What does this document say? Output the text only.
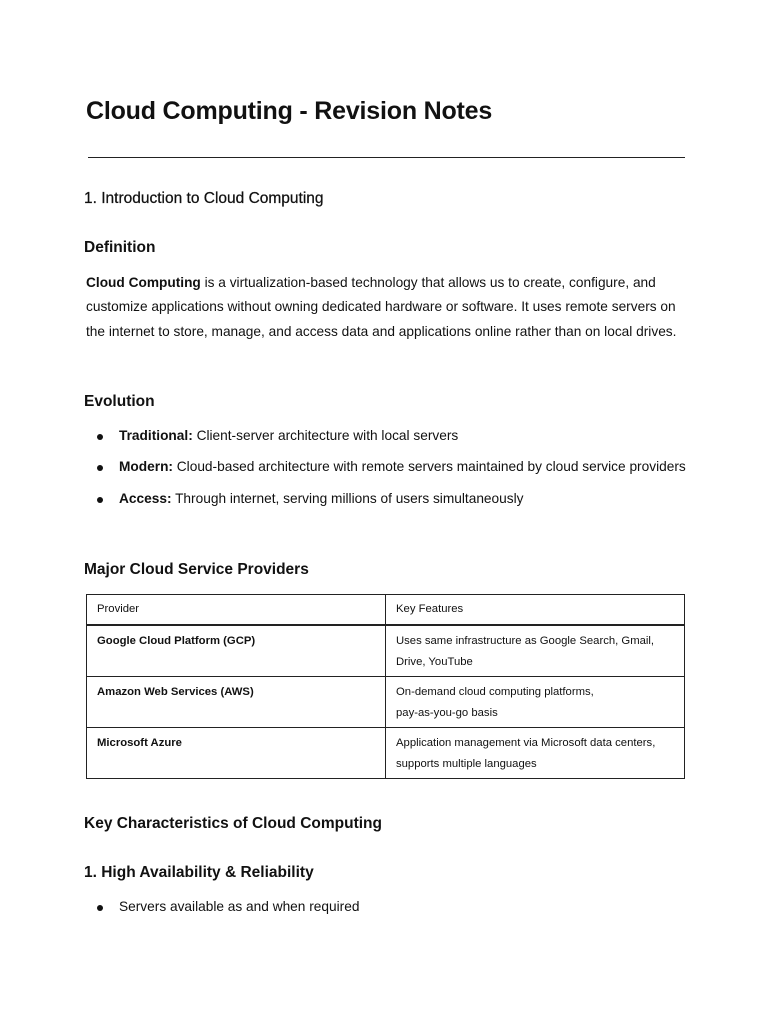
Cloud Computing - Revision Notes
1. Introduction to Cloud Computing
Definition

Cloud Computing is a virtualization-based technology that allows us to create, configure, and customize applications without owning dedicated hardware or software. It uses remote servers on the internet to store, manage, and access data and applications online rather than on local drives.

Evolution
Traditional: Client-server architecture with local servers
Modern: Cloud-based architecture with remote servers maintained by cloud service providers
Access: Through internet, serving millions of users simultaneously
Major Cloud Service Providers
Provider	Key Features
Google Cloud Platform (GCP)	Uses same infrastructure as Google Search, Gmail, Drive, YouTube
Amazon Web Services (AWS)	On-demand cloud computing platforms,
pay-as-you-go basis
Microsoft Azure	Application management via Microsoft data centers, supports multiple languages
Key Characteristics of Cloud Computing
1. High Availability & Reliability
Servers available as and when required
